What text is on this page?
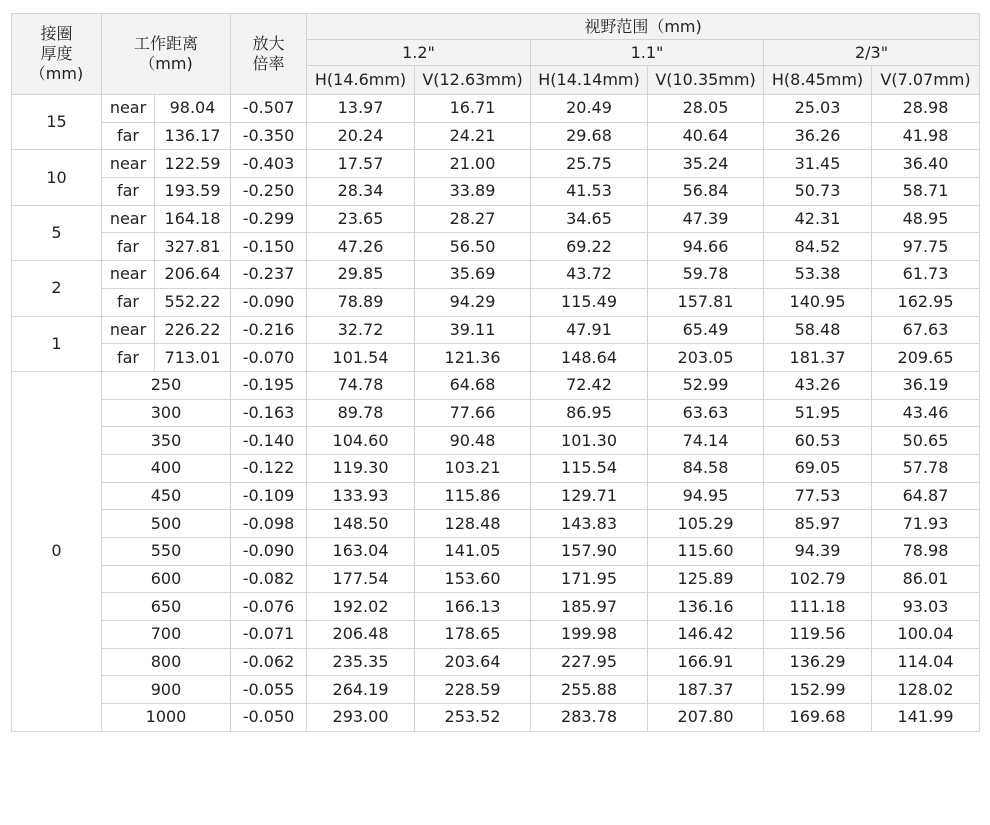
接圈
厚度
（mm)	工作距离
（mm)		放大
倍率	视野范围（mm)					
				1.2"		1.1"		2/3"	
				H(14.6mm)	V(12.63mm)	H(14.14mm)	V(10.35mm)	H(8.45mm)	V(7.07mm)
15	near	98.04	-0.507	13.97	16.71	20.49	28.05	25.03	28.98
	far	136.17	-0.350	20.24	24.21	29.68	40.64	36.26	41.98
10	near	122.59	-0.403	17.57	21.00	25.75	35.24	31.45	36.40
	far	193.59	-0.250	28.34	33.89	41.53	56.84	50.73	58.71
5	near	164.18	-0.299	23.65	28.27	34.65	47.39	42.31	48.95
	far	327.81	-0.150	47.26	56.50	69.22	94.66	84.52	97.75
2	near	206.64	-0.237	29.85	35.69	43.72	59.78	53.38	61.73
	far	552.22	-0.090	78.89	94.29	115.49	157.81	140.95	162.95
1	near	226.22	-0.216	32.72	39.11	47.91	65.49	58.48	67.63
	far	713.01	-0.070	101.54	121.36	148.64	203.05	181.37	209.65
0	250		-0.195	74.78	64.68	72.42	52.99	43.26	36.19
	300		-0.163	89.78	77.66	86.95	63.63	51.95	43.46
	350		-0.140	104.60	90.48	101.30	74.14	60.53	50.65
	400		-0.122	119.30	103.21	115.54	84.58	69.05	57.78
	450		-0.109	133.93	115.86	129.71	94.95	77.53	64.87
	500		-0.098	148.50	128.48	143.83	105.29	85.97	71.93
	550		-0.090	163.04	141.05	157.90	115.60	94.39	78.98
	600		-0.082	177.54	153.60	171.95	125.89	102.79	86.01
	650		-0.076	192.02	166.13	185.97	136.16	111.18	93.03
	700		-0.071	206.48	178.65	199.98	146.42	119.56	100.04
	800		-0.062	235.35	203.64	227.95	166.91	136.29	114.04
	900		-0.055	264.19	228.59	255.88	187.37	152.99	128.02
	1000		-0.050	293.00	253.52	283.78	207.80	169.68	141.99
